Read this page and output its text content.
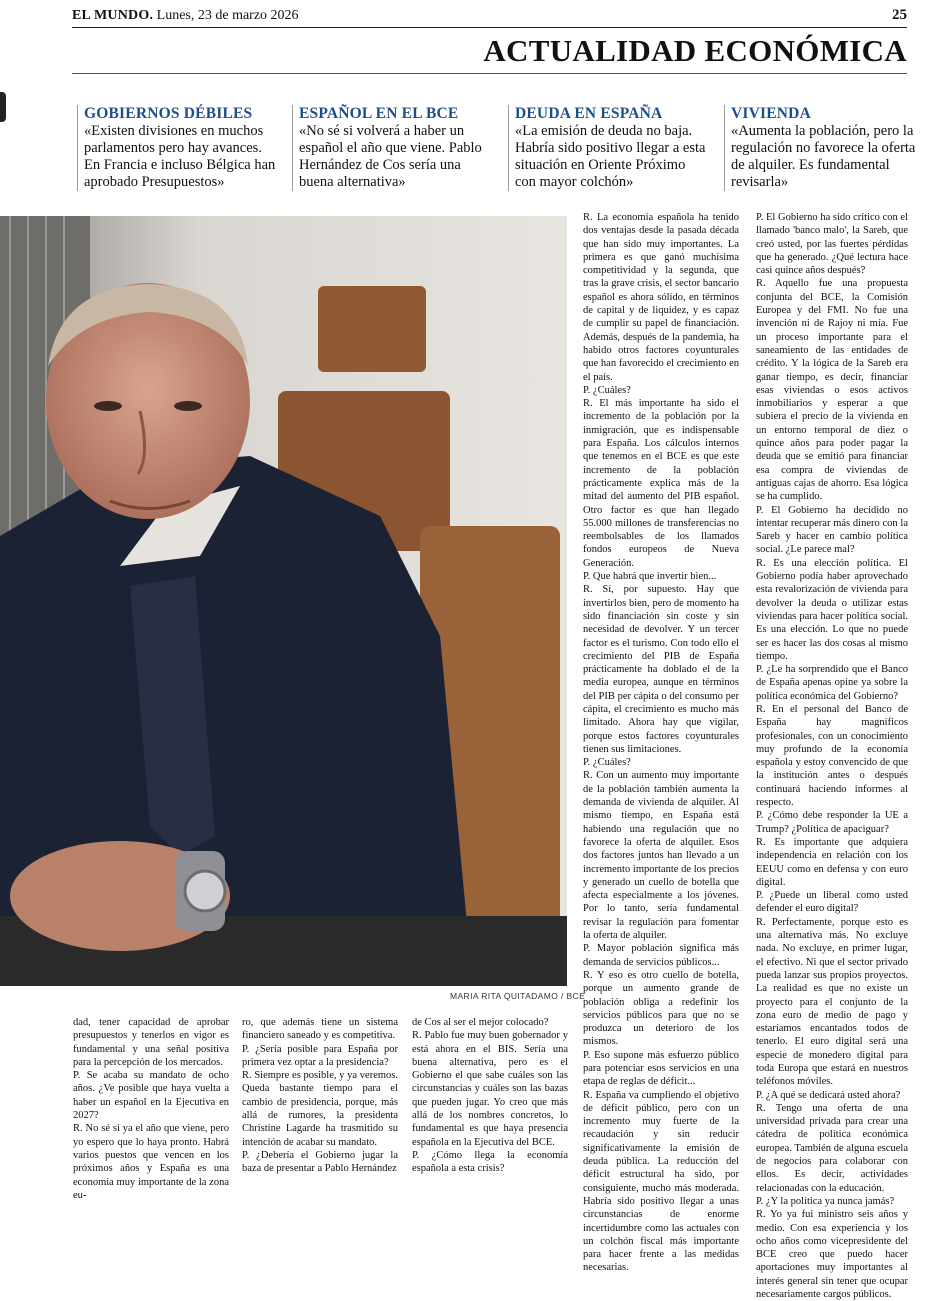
EL MUNDO. Lunes, 23 de marzo 2026	25
ACTUALIDAD ECONÓMICA
GOBIERNOS DÉBILES
«Existen divisiones en muchos parlamentos pero hay avances. En Francia e incluso Bélgica han aprobado Presupuestos»
ESPAÑOL EN EL BCE
«No sé si volverá a haber un español el año que viene. Pablo Hernández de Cos sería una buena alternativa»
DEUDA EN ESPAÑA
«La emisión de deuda no baja. Habría sido positivo llegar a esta situación en Oriente Próximo con mayor colchón»
VIVIENDA
«Aumenta la población, pero la regulación no favorece la oferta de alquiler. Es fundamental revisarla»
MARIA RITA QUITADAMO / BCE

R. La economía española ha tenido dos ventajas desde la pasada década que han sido muy importantes. La primera es que ganó muchísima competitividad y la segunda, que tras la grave crisis, el sector bancario español es ahora sólido, en términos de capital y de liquidez, y es capaz de cumplir su papel de financiación. Además, después de la pandemia, ha habido otros factores coyunturales que han favorecido el crecimiento en el país.

P. ¿Cuáles?

R. El más importante ha sido el incremento de la población por la inmigración, que es indispensable para España. Los cálculos internos que tenemos en el BCE es que este incremento de la población prácticamente explica más de la mitad del aumento del PIB español. Otro factor es que han llegado 55.000 millones de transferencias no reembolsables de los llamados fondos europeos de Nueva Generación.

P. Que habrá que invertir bien...

R. Sí, por supuesto. Hay que invertirlos bien, pero de momento ha sido financiación sin coste y sin necesidad de devolver. Y un tercer factor es el turismo. Con todo ello el crecimiento del PIB de España prácticamente ha doblado el de la media europea, aunque en términos del PIB per cápita o del consumo per cápita, el crecimiento es mucho más limitado. Ahora hay que vigilar, porque estos factores coyunturales tienen sus limitaciones.

P. ¿Cuáles?

R. Con un aumento muy importante de la población también aumenta la demanda de vivienda de alquiler. Al mismo tiempo, en España está habiendo una regulación que no favorece la oferta de alquiler. Esos dos factores juntos han llevado a un incremento importante de los precios y generado un cuello de botella que afecta especialmente a los jóvenes. Por lo tanto, sería fundamental revisar la regulación para fomentar la oferta de alquiler.

P. Mayor población significa más demanda de servicios públicos...

R. Y eso es otro cuello de botella, porque un aumento grande de población obliga a redefinir los servicios públicos para que no se produzca un deterioro de los mismos.

P. Eso supone más esfuerzo público para potenciar esos servicios en una etapa de reglas de déficit...

R. España va cumpliendo el objetivo de déficit público, pero con un incremento muy fuerte de la recaudación y sin reducir significativamente la emisión de deuda pública. La reducción del déficit estructural ha sido, por consiguiente, mucho más moderada. Habría sido positivo llegar a unas circunstancias de enorme incertidumbre como las actuales con un colchón fiscal más importante para hacer frente a las medidas necesarias.

P. El Gobierno ha sido crítico con el llamado 'banco malo', la Sareb, que creó usted, por las fuertes pérdidas que ha generado. ¿Qué lectura hace casi quince años después?

R. Aquello fue una propuesta conjunta del BCE, la Comisión Europea y del FMI. No fue una invención ni de Rajoy ni mía. Fue un proceso importante para el saneamiento de las entidades de crédito. Y la lógica de la Sareb era ganar tiempo, es decir, financiar esas viviendas o esos activos inmobiliarios y esperar a que subiera el precio de la vivienda en un entorno temporal de diez o quince años para poder pagar la deuda que se emitió para financiar esa compra de viviendas de antiguas cajas de ahorro. Esa lógica se ha cumplido.

P. El Gobierno ha decidido no intentar recuperar más dinero con la Sareb y hacer en cambio política social. ¿Le parece mal?

R. Es una elección política. El Gobierno podía haber aprovechado esta revalorización de vivienda para devolver la deuda o utilizar estas viviendas para hacer política social. Es una elección. Lo que no puede ser es hacer las dos cosas al mismo tiempo.

P. ¿Le ha sorprendido que el Banco de España apenas opine ya sobre la política económica del Gobierno?

R. En el personal del Banco de España hay magníficos profesionales, con un conocimiento muy profundo de la economía española y estoy convencido de que la institución antes o después continuará haciendo informes al respecto.

P. ¿Cómo debe responder la UE a Trump? ¿Política de apaciguar?

R. Es importante que adquiera independencia en relación con los EEUU como en defensa y con euro digital.

P. ¿Puede un liberal como usted defender el euro digital?

R. Perfectamente, porque esto es una alternativa más. No excluye nada. No excluye, en primer lugar, el efectivo. Ni que el sector privado pueda lanzar sus propios proyectos. La realidad es que no existe un proyecto para el conjunto de la zona euro de medio de pago y estaríamos encantados todos de tenerlo. El euro digital será una especie de monedero digital para toda Europa que estará en nuestros teléfonos móviles.

P. ¿A qué se dedicará usted ahora?

R. Tengo una oferta de una universidad privada para crear una cátedra de política económica europea. También de alguna escuela de negocios para colaborar con ellos. Es decir, actividades relacionadas con la educación.

P. ¿Y la política ya nunca jamás?

R. Yo ya fui ministro seis años y medio. Con esa experiencia y los ocho años como vicepresidente del BCE creo que puedo hacer aportaciones muy importantes al interés general sin tener que ocupar necesariamente cargos públicos.

dad, tener capacidad de aprobar presupuestos y tenerlos en vigor es fundamental y una señal positiva para la percepción de los mercados.

P. Se acaba su mandato de ocho años. ¿Ve posible que haya vuelta a haber un español en la Ejecutiva en 2027?

R. No sé si ya el año que viene, pero yo espero que lo haya pronto. Habrá varios puestos que vencen en los próximos años y España es una economía muy importante de la zona eu-

ro, que además tiene un sistema financiero saneado y es competitiva.

P. ¿Sería posible para España por primera vez optar a la presidencia?

R. Siempre es posible, y ya veremos. Queda bastante tiempo para el cambio de presidencia, porque, más allá de rumores, la presidenta Christine Lagarde ha trasmitido su intención de acabar su mandato.

P. ¿Debería el Gobierno jugar la baza de presentar a Pablo Hernández

de Cos al ser el mejor colocado?

R. Pablo fue muy buen gobernador y está ahora en el BIS. Sería una buena alternativa, pero es el Gobierno el que sabe cuáles son las circunstancias y cuáles son las bazas que pueden jugar. Yo creo que más allá de los nombres concretos, lo fundamental es que haya presencia española en la Ejecutiva del BCE.

P. ¿Cómo llega la economía española a esta crisis?
